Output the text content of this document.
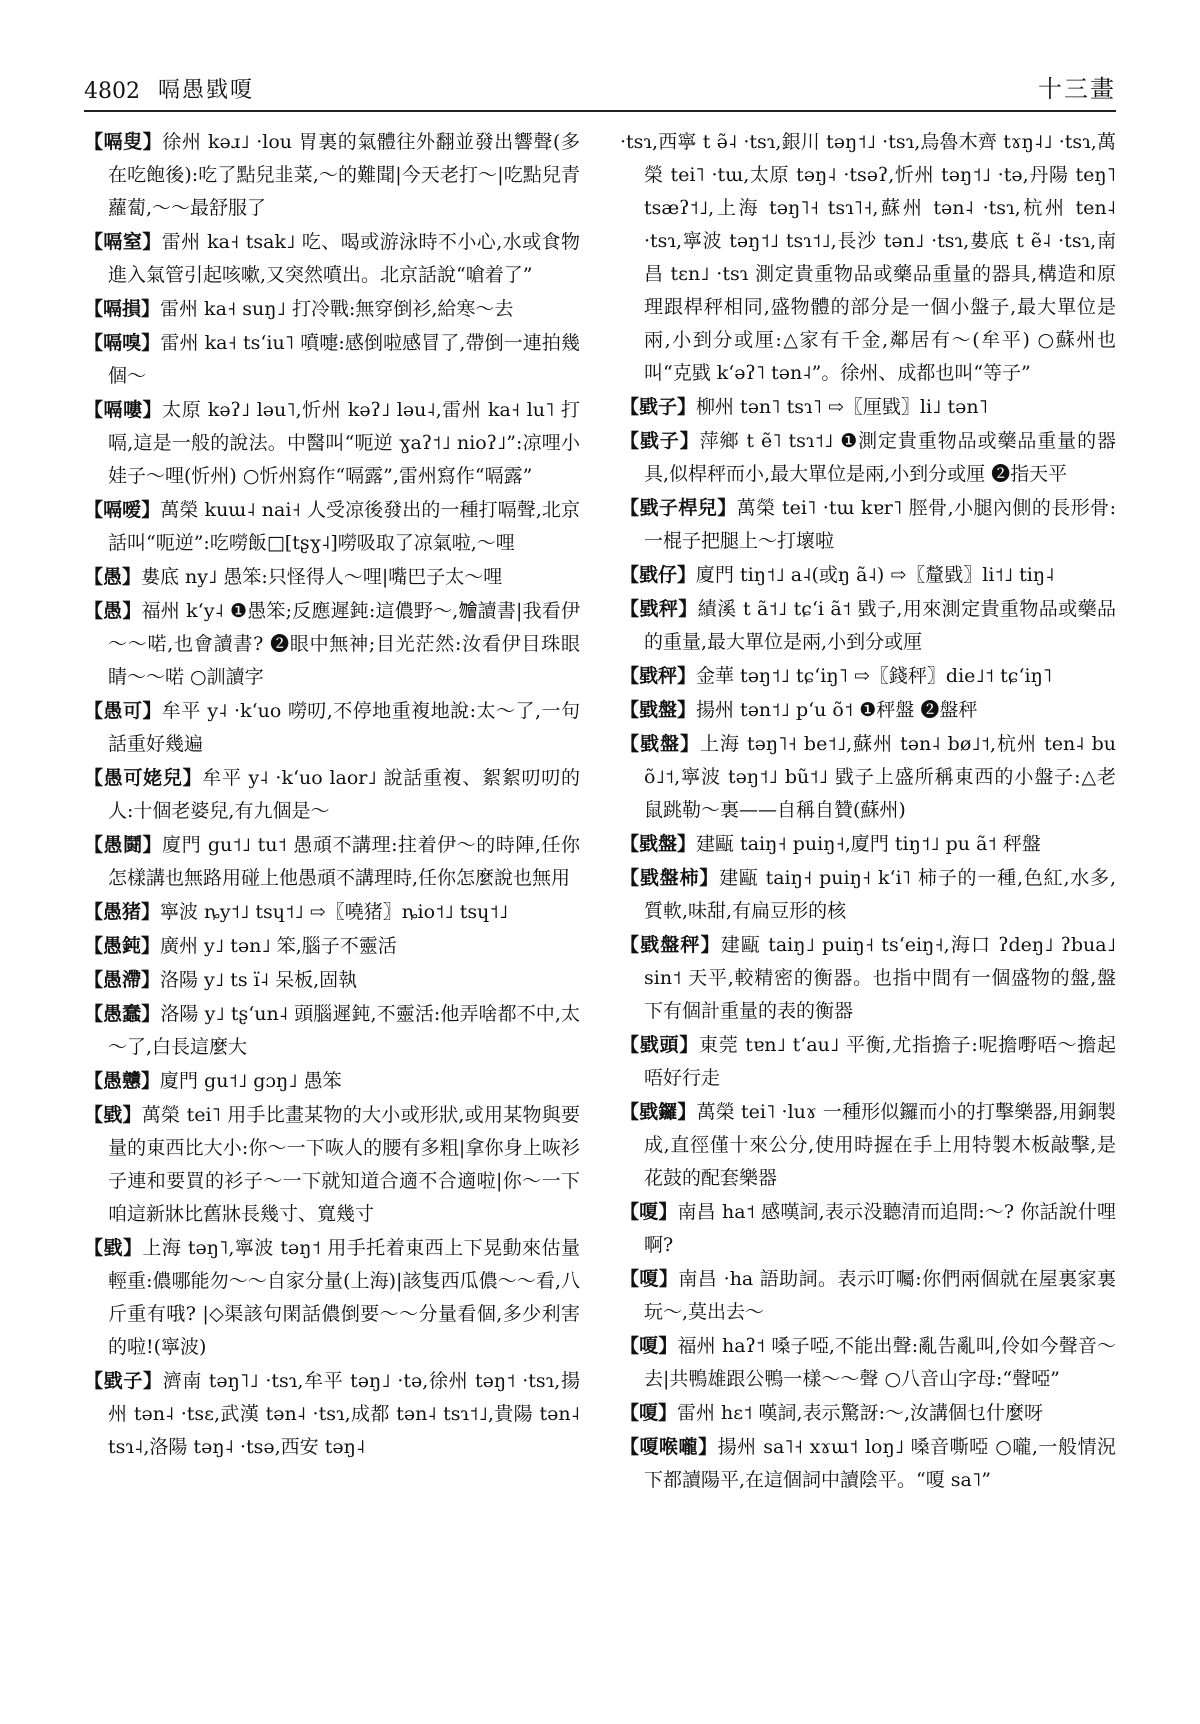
4802 嗝愚戥嗄	十三畫

【嗝叟】徐州 kəɹ˩ ·lou 胃裏的氣體往外翻並發出響聲(多在吃飽後):吃了點兒韭菜,～的難聞|今天老打～|吃點兒青蘿蔔,～～最舒服了

【嗝窒】雷州 ka˧ tsak˩ 吃、喝或游泳時不小心,水或食物進入氣管引起咳嗽,又突然噴出。北京話說“嗆着了”

【嗝損】雷州 ka˧ suŋ˩ 打冷戰:無穿倒衫,給寒～去

【嗝嗅】雷州 ka˧ tsʻiu˥ 噴嚏:感倒啦感冒了,帶倒一連拍幾個～

【嗝嘍】太原 kəʔ˩ ləu˥,忻州 kəʔ˩ ləu˨,雷州 ka˧ lu˥ 打嗝,這是一般的說法。中醫叫“呃逆 ɣaʔ˦˩ nioʔ˩”:凉哩小娃子～哩(忻州) ○忻州寫作“嗝露”,雷州寫作“嗝露”

【嗝嗳】萬榮 kuɯ˨ nai˧ 人受凉後發出的一種打嗝聲,北京話叫“呃逆”:吃嘮飯□[tʂɣ˨]嘮吸取了凉氣啦,～哩

【愚】婁底 ny˩ 愚笨:只怪得人～哩|嘴巴子太～哩

【愚】福州 kʻy˨ ❶愚笨;反應遲鈍:這儂野～,𣍐讀書|我看伊～～喏,也會讀書? ❷眼中無神;目光茫然:汝看伊目珠眼睛～～喏 ○訓讀字

【愚可】牟平 y˨ ·kʻuo 嘮叨,不停地重複地說:太～了,一句話重好幾遍

【愚可姥兒】牟平 y˨ ·kʻuo laor˩ 說話重複、絮絮叨叨的人:十個老婆兒,有九個是～

【愚鬪】廈門 gu˦˩ tu˦ 愚頑不講理:拄着伊～的時陣,任你怎樣講也無路用碰上他愚頑不講理時,任你怎麼說也無用

【愚猪】寧波 ȵy˦˩ tsɥ˦˩ ⇨〖嘵猪〗ȵio˦˩ tsɥ˦˩

【愚鈍】廣州 y˩ tən˩ 笨,腦子不靈活

【愚滯】洛陽 y˩ ts ï˨ 呆板,固執

【愚蠢】洛陽 y˩ tʂʻun˨ 頭腦遲鈍,不靈活:他弄啥都不中,太～了,白長這麼大

【愚戇】廈門 gu˦˩ gɔŋ˩ 愚笨

【戥】萬榮 tei˥ 用手比畫某物的大小或形狀,或用某物與要量的東西比大小:你～一下咴人的腰有多粗|拿你身上咴衫子連和要買的衫子～一下就知道合適不合適啦|你～一下咱這新牀比舊牀長幾寸、寬幾寸

【戥】上海 təŋ˥,寧波 təŋ˦ 用手托着東西上下晃動來估量輕重:儂哪能勿～～自家分量(上海)|該隻西瓜儂～～看,八斤重有哦? |◇渠該句閑話儂倒要～～分量看個,多少利害的啦!(寧波)

【戥子】濟南 təŋ˥˩ ·tsɿ,牟平 təŋ˩ ·tə,徐州 təŋ˦ ·tsɿ,揚州 tən˨ ·tsɛ,武漢 tən˨ ·tsɿ,成都 tən˨ tsɿ˦˩,貴陽 tən˨ tsɿ˨,洛陽 təŋ˨ ·tsə,西安 təŋ˨

·tsɿ,西寧 t ə̃˨ ·tsɿ,銀川 təŋ˦˩ ·tsɿ,烏魯木齊 tɤŋ˨˩ ·tsɿ,萬榮 tei˥ ·tɯ,太原 təŋ˨ ·tsəʔ,忻州 təŋ˦˩ ·tə,丹陽 teŋ˥ tsæʔ˦˩,上海 təŋ˥˧ tsɿ˥˧,蘇州 tən˨ ·tsɿ,杭州 ten˨ ·tsɿ,寧波 təŋ˦˩ tsɿ˦˩,長沙 tən˩ ·tsɿ,婁底 t ẽ˨ ·tsɿ,南昌 tɛn˩ ·tsɿ 測定貴重物品或藥品重量的器具,構造和原理跟桿秤相同,盛物體的部分是一個小盤子,最大單位是兩,小到分或厘:△家有千金,鄰居有～(牟平) ○蘇州也叫“克戥 kʻəʔ˥ tən˨”。徐州、成都也叫“等子”

【戥子】柳州 tən˥ tsɿ˥ ⇨〖厘戥〗li˩ tən˥

【戥子】萍鄉 t ẽ˥ tsɿ˦˩ ❶測定貴重物品或藥品重量的器具,似桿秤而小,最大單位是兩,小到分或厘 ❷指天平

【戥子桿兒】萬榮 tei˥ ·tɯ kɐr˥ 脛骨,小腿內側的長形骨:一棍子把腿上～打壞啦

【戥仔】廈門 tiŋ˦˩ a˨(或ŋ ã˨) ⇨〖釐戥〗li˦˩ tiŋ˨

【戥秤】績溪 t ã˦˩ tɕʻi ã˦ 戥子,用來測定貴重物品或藥品的重量,最大單位是兩,小到分或厘

【戥秤】金華 təŋ˦˩ tɕʻiŋ˥ ⇨〖錢秤〗die˩˦ tɕʻiŋ˥

【戥盤】揚州 tən˦˩ pʻu õ˦ ❶秤盤 ❷盤秤

【戥盤】上海 təŋ˥˧ be˦˩,蘇州 tən˨ bø˩˦,杭州 ten˨ bu õ˩˦,寧波 təŋ˦˩ bũ˦˩ 戥子上盛所稱東西的小盤子:△老鼠跳勒～裏——自稱自贊(蘇州)

【戥盤】建甌 taiŋ˧ puiŋ˧,廈門 tiŋ˦˩ pu ã˦ 秤盤

【戥盤柿】建甌 taiŋ˧ puiŋ˧ kʻi˥ 柿子的一種,色紅,水多,質軟,味甜,有扁豆形的核

【戥盤秤】建甌 taiŋ˩ puiŋ˧ tsʻeiŋ˧,海口 ʔdeŋ˩ ʔbua˩ sin˦ 天平,較精密的衡器。也指中間有一個盛物的盤,盤下有個計重量的表的衡器

【戥頭】東莞 tɐn˩ tʻau˩ 平衡,尤指擔子:呢擔嘢唔～擔起唔好行走

【戥鑼】萬榮 tei˥ ·luɤ 一種形似鑼而小的打擊樂器,用銅製成,直徑僅十來公分,使用時握在手上用特製木板敲擊,是花鼓的配套樂器

【嗄】南昌 ha˦ 感嘆詞,表示没聽清而追問:～? 你話說什哩啊?

【嗄】南昌 ·ha 語助詞。表示叮囑:你們兩個就在屋裏家裏玩～,莫出去～

【嗄】福州 haʔ˦ 嗓子啞,不能出聲:亂告亂叫,伶如今聲音～去|共鴨雄跟公鴨一樣～～聲 ○八音山字母:“聲啞”

【嗄】雷州 hɛ˦ 嘆詞,表示驚訝:～,汝講個乜什麼呀

【嗄喉嚨】揚州 sa˥˧ xɤɯ˦ loŋ˩ 嗓音嘶啞 ○嚨,一般情況下都讀陽平,在這個詞中讀陰平。“嗄 sa˥”
